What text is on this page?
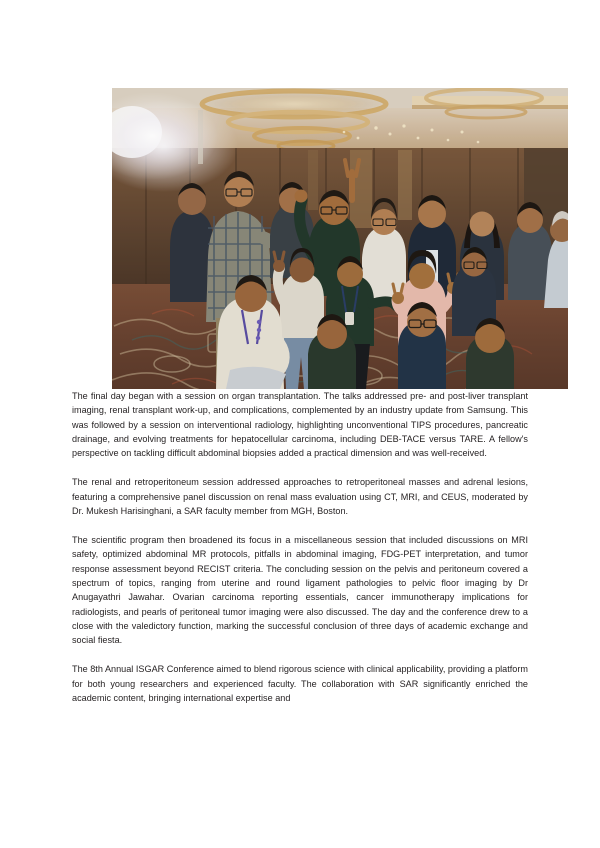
The final day began with a session on organ transplantation. The talks addressed pre- and post-liver transplant imaging, renal transplant work-up, and complications, complemented by an industry update from Samsung. This was followed by a session on interventional radiology, highlighting unconventional TIPS procedures, pancreatic drainage, and evolving treatments for hepatocellular carcinoma, including DEB-TACE versus TARE. A fellow's perspective on tackling difficult abdominal biopsies added a practical dimension and was well-received.

The renal and retroperitoneum session addressed approaches to retroperitoneal masses and adrenal lesions, featuring a comprehensive panel discussion on renal mass evaluation using CT, MRI, and CEUS, moderated by Dr. Mukesh Harisinghani, a SAR faculty member from MGH, Boston.

The scientific program then broadened its focus in a miscellaneous session that included discussions on MRI safety, optimized abdominal MR protocols, pitfalls in abdominal imaging, FDG-PET interpretation, and tumor response assessment beyond RECIST criteria. The concluding session on the pelvis and peritoneum covered a spectrum of topics, ranging from uterine and round ligament pathologies to pelvic floor imaging by Dr Anugayathri Jawahar. Ovarian carcinoma reporting essentials, cancer immunotherapy implications for radiologists, and pearls of peritoneal tumor imaging were also discussed. The day and the conference drew to a close with the valedictory function, marking the successful conclusion of three days of academic exchange and social fiesta.

The 8th Annual ISGAR Conference aimed to blend rigorous science with clinical applicability, providing a platform for both young researchers and experienced faculty. The collaboration with SAR significantly enriched the academic content, bringing international expertise and
